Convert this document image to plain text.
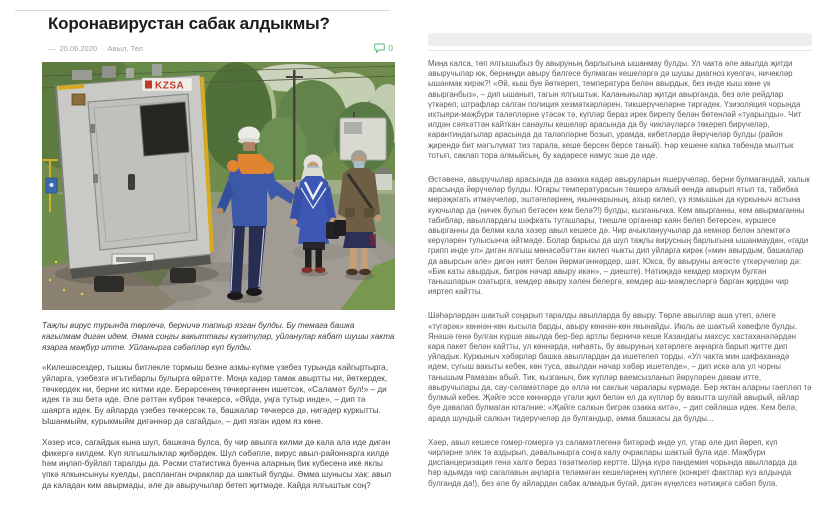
Коронавирустан сабак алдыкмы?
— 20.06.2020 · Авыл, Тел	0
KZSA

Таҗлы вирус турында төрлечә, берничә тапкыр язган булды. Бу темага башка кагылмам дигән идем. Әмма соңгы вакыттагы күзәтүләр, уйланулар кабат шушы хакта язарга мәҗбүр итте. Уйланырга сәбәпләр күп булды.

«Килешәсездер, тышкы битлекле тормыш безне азмы-күпме үзебез турында кайгыртырга, уйларга, үзебезгә игътибарлы булырга өйрәтте. Моңа кадәр тамак авыртты ни, йөткердек, төчкердек ни, берни ис китми иде. Берәрсенең төчкергәнен ишетсәк, «Саламәт бул!» – ди идек тә эш бетә иде. Әле рәттән күбрәк төчкерсә, «Әйдә, уңга тутыр инде», – дип тә шаярта идек. Бу айларда үзебез төчкерсәк тә, башкалар төчкерсә дә, нигәдер куркытты. Ышанмыйм, курыкмыйм дигәннәр дә сагайды», – дип язган идем яз көне.

Хәзер исә, сагайдык кына шул, башкача булса, бу чир авылга килми дә кала ала иде дигән фикергә килдем. Күп ялгышлыклар җибәрдек. Шул сәбәпле, вирус авыл-районнарга килде һәм иңләп-буйлап таралды да. Рәсми статистика буенча аларның бик күбесенә ике яклы үпкә ялкынсынуы куелды, распланган очраклар да шактый булды. Әмма шунысы хак: авыл да каладан ким авырмады, әле дә авыручылар бетеп җитмәде. Кайда ялгыштык соң?

Миңа калса, төп ялгышыбыз бу авыруның барлыгына ышанмау булды. Ул чакта әле авылда җитди авыручылар юк, берниңди авыру билгесе булмаган кешеләргә дә шушы диагноз куелгач, ничекләр ышанмак кирәк?! «Әй, кыш буе йөткереп, температура белән авырдык, без инде кыш көне үк авырганбыз», – дип ышанып, тагын ялгыштык. Каланыкылар җитди авырганда, без әле рейдлар үткәреп, штрафлар салган полиция хезмәткәрләрен, тикшерүчеләрне тиргәдек. Үзизоляция чорында ихтыяри-мәҗбүри таләпләрне үтәсәк тә, күпләр бераз ирек бирелү белән бөтенләй «туарылды». Чит илдән сәяхәттән кайткан санаулы кешеләр арасында да бу чикләүләргә төкереп бирүчеләр, карантиндагылар арасында да таләпләрне бозып, урамда, кибетләрдә йөрүчеләр булды (район җирендә бит мәгълүмат тиз тарала, кеше берсен берсе таный). Һәр кешене капка төбендә мылтык тотып, саклап тора алмыйсың, бу кадәресе намус эше дә иде.

Өстәвенә, авыручылар арасында да азакка кадәр авыруларын яшерүчеләр, берни булмагандай, халык арасында йөрүчеләр булды. Югары температурасын төшерә алмый өендә авырып ятып та, табибка мөрәҗәгать итмәүчеләр, эштәгеләрнең, якыннарының, ахыр килеп, үз язмышын да куркыныч астына куючылар да (ничек булып бетәсен кем белә?!) булды, кызганычка. Кем авырганны, кем авырмаганны табиблар, авыллардагы шәфкать туташлары, тиешле органнар каян белеп бетерсен, күршесе авырганны да белми кала хәзер авыл кешесе дә. Чир ачыклануучылар да кемнәр белән элемтәгә керүләрен тулысынча әйтмәде. Болар барысы да шул таҗлы вирусның барлыгына ышанмаудан, «гади грипп инде ул» дигән ялгыш мөнәсәбәттән килеп чыкты дип уйларга кирәк («мин авырдым, башкалар да авырсын әле» дигән ният белән йөрмәгәннәрдер, шәт. Юкса, бу авыруны аягөсте үткәрүчеләр дә: «Бик каты авырдык, бигрәк нәчар авыру икән», – диеште). Нәтиҗәдә кемдер мәрхүм булган танышларын озатырга, кемдер авыру хәлен белергә, кемдер аш-мәҗлесләргә барган җирдән чир ияртеп кайтты.

Шәһәрләрдән шактый соңарып таралды авылларда бу авыру. Төрле авыллар аша үтеп, әлеге «түгәрәк» көннән-көн кысыла барды, авыру көннән-көн якынайды. Июль ае шактый хәвефле булды. Янәшә генә булган күрше авылда бер-бер артлы берничә кеше Казандагы махсус хастаханәләрдән кара пакет белән кайтты, ул көннәрдә, ниһаять, бу авыруның хәтәрлеге аңнарга барып җитте дип уйладык. Куркыныч хәбәрләр башка авыллардан да ишетелеп торды. «Ул чакта мин шифаханәдә идем, сугыш вакыты кебек, көн туса, авылдан нәчар хәбәр ишетелде», – дип искә ала ул чорны танышым Рамазан абый. Тик, кызганыч, бик күпләр ваемсызланып йөрүләрен дәвам итте, авыручылары да, сау-сәламәтләре дә әллә ни саклык чаралары күрмәде. Бер яктан аларны гаепләп тә булмый кебек. Җәйге эссе көннәрдә үтәли җил белән ел да күпләр бу вакытта шулай авырый, айлар буе дәвалап булмаган юталние: «Җәйге салкын бигрәк озакка китә», – дип сөйләшә идек. Кем белә, арада шундый салкын тидерүчеләр дә булгандыр, әмма башкасы да булды...

Хәер, авыл кешесе гомер-гомергә үз сәламәтлегенә битәрәф инде ул, утар әле дип йөреп, күп чирләрне элек тә аздырып, дәвалынырга соңга калу очраклары шактый була иде. Мәҗбүри диспанцеризация генә халгә бераз төзәтмәләр кертте. Шуңа күрә пандемия чорында авылларда да һәр адымда чир сагалавын аңларга теләмәгән кешеләрнең күплеге (конкрет фактлар күз алдында булганда да!), без әле бу айлардан сабак алмадык бугай, дигән күңелсез нәтиҗәгә сәбәп була.
